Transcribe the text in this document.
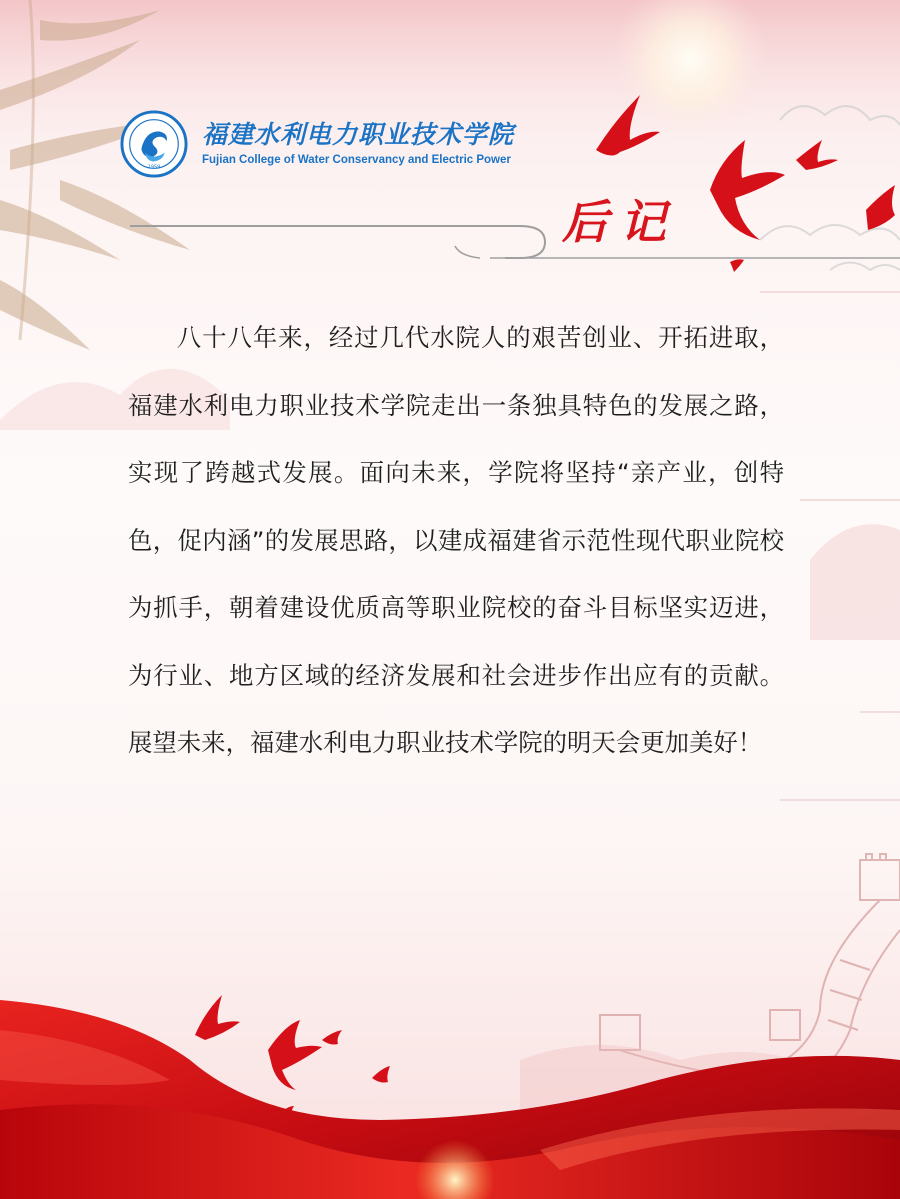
1959
福建水利电力职业技术学院
Fujian College of Water Conservancy and Electric Power
后记

八十八年来，经过几代水院人的艰苦创业、开拓进取，福建水利电力职业技术学院走出一条独具特色的发展之路，实现了跨越式发展。面向未来，学院将坚持“亲产业，创特色，促内涵”的发展思路，以建成福建省示范性现代职业院校为抓手，朝着建设优质高等职业院校的奋斗目标坚实迈进，为行业、地方区域的经济发展和社会进步作出应有的贡献。展望未来，福建水利电力职业技术学院的明天会更加美好！
